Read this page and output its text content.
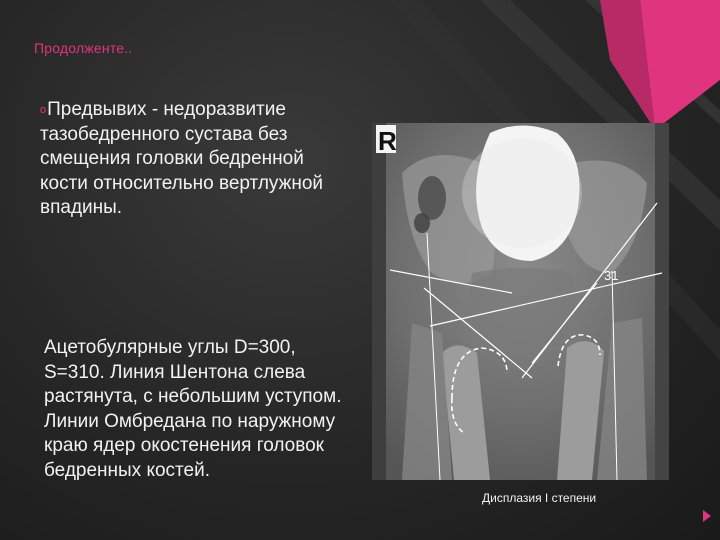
Продолженте..

oПредвывих - недоразвитие тазобедренного сустава без смещения головки бедренной кости относительно вертлужной впадины.

Ацетобулярные углы D=300, S=310. Линия Шентона слева растянута, с небольшим уступом. Линии Омбредана по наружному краю ядер окостенения головок бедренных костей.

R
31
Дисплазия I степени
